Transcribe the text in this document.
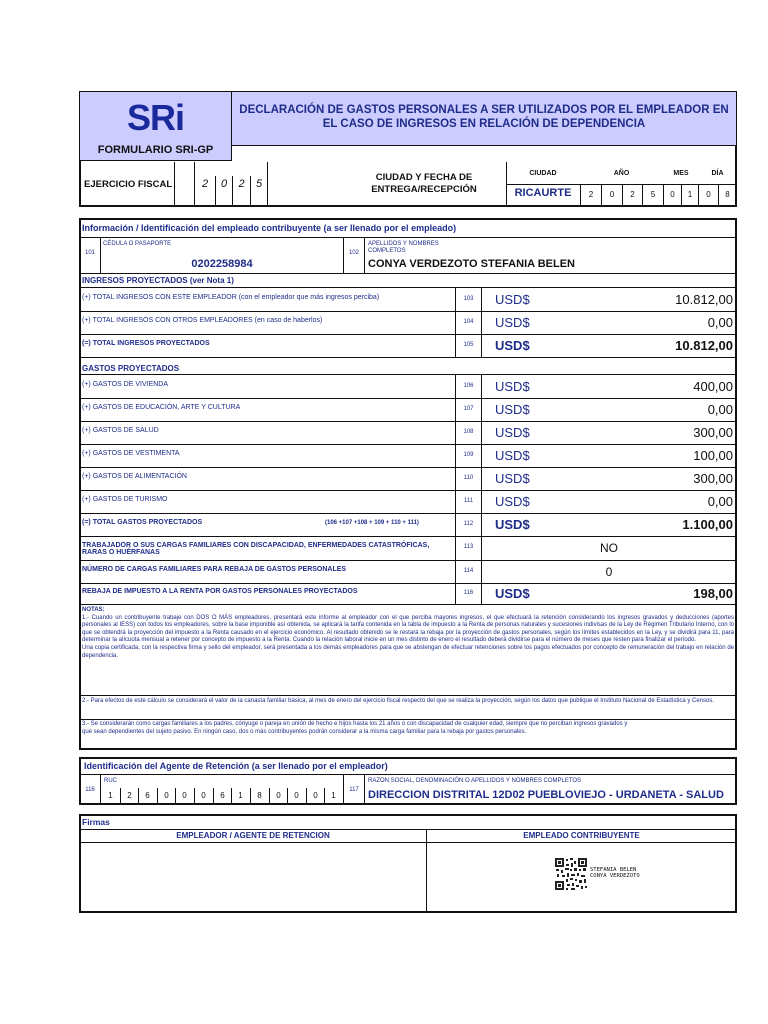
SRi
FORMULARIO SRI-GP
DECLARACIÓN DE GASTOS PERSONALES A SER UTILIZADOS POR EL EMPLEADOR EN EL CASO DE INGRESOS EN RELACIÓN DE DEPENDENCIA
EJERCICIO FISCAL	2	0	2	5
CIUDAD Y FECHA DE ENTREGA/RECEPCIÓN
CIUDAD	AÑO	MES	DÍA
RICAURTE	2	0	2	5	0	1	0	8
Información / Identificación del empleado contribuyente (a ser llenado por el empleado)
101
CÉDULA O PASAPORTE
0202258984
102
APELLIDOS Y NOMBRES COMPLETOS
CONYA VERDEZOTO STEFANIA BELEN
INGRESOS PROYECTADOS (ver Nota 1)
(+) TOTAL INGRESOS CON ESTE EMPLEADOR (con el empleador que más ingresos perciba)	103	USD$	10.812,00
(+) TOTAL INGRESOS CON OTROS EMPLEADORES (en caso de haberlos)	104	USD$	0,00
(=) TOTAL INGRESOS PROYECTADOS	105	USD$	10.812,00
GASTOS PROYECTADOS
(+) GASTOS DE VIVIENDA	106	USD$	400,00
(+) GASTOS DE EDUCACIÓN, ARTE Y CULTURA	107	USD$	0,00
(+) GASTOS DE SALUD	108	USD$	300,00
(+) GASTOS DE VESTIMENTA	109	USD$	100,00
(+) GASTOS DE ALIMENTACIÓN	110	USD$	300,00
(+) GASTOS DE TURISMO	111	USD$	0,00
(=) TOTAL GASTOS PROYECTADOS	112	USD$	1.100,00
(106 +107 +108 + 109 + 110 + 111)
TRABAJADOR O SUS CARGAS FAMILIARES CON DISCAPACIDAD, ENFERMEDADES CATASTRÓFICAS, RARAS O HUÉRFANAS
113	NO
NÚMERO DE CARGAS FAMILIARES PARA REBAJA DE GASTOS PERSONALES	114	0
REBAJA DE IMPUESTO A LA RENTA POR GASTOS PERSONALES PROYECTADOS	116	USD$	198,00
NOTAS:
1.- Cuando un contribuyente trabaje con DOS O MÁS empleadores, presentará este informe al empleador con el que perciba mayores ingresos, el que efectuará la retención considerando los ingresos gravados y deducciones (aportes personales al IESS) con todos los empleadores, sobre la base imponible así obtenida, se aplicará la tarifa contenida en la tabla de impuesto a la Renta de personas naturales y sucesiones indivisas de la Ley de Régimen Tributario Interno, con lo que se obtendrá la proyección del impuesto a la Renta causado en el ejercicio económico. Al resultado obtenido se le restará la rebaja por la proyección de gastos personales, según los límites establecidos en la Ley, y se dividirá para 11, para determinar la alícuota mensual a retener por concepto de impuesto a la Renta. Cuando la relación laboral inicie en un mes distinto de enero el resultado deberá dividirse para el número de meses que resten para finalizar el período.
Una copia certificada, con la respectiva firma y sello del empleador, será presentada a los demás empleadores para que se abstengan de efectuar retenciones sobre los pagos efectuados por concepto de remuneración del trabajo en relación de dependencia.
2.- Para efectos de este cálculo se considerará el valor de la canasta familiar básica, al mes de enero del ejercicio fiscal respecto del que se realiza la proyección, según los datos que publique el Instituto Nacional de Estadística y Censos.
3.- Se considerarán como cargas familiares a los padres, cónyuge o pareja en unión de hecho e hijos hasta los 21 años o con discapacidad de cualquier edad, siempre que no perciban ingresos gravados y
que sean dependientes del sujeto pasivo. En ningún caso, dos o más contribuyentes podrán considerar a la misma carga familiar para la rebaja por gastos personales.
Identificación del Agente de Retención (a ser llenado por el empleador)
116
RUC
1	2	6	0	0	0	6	1	8	0	0	0	1
117
RAZON SOCIAL, DENOMINACIÓN O APELLIDOS Y NOMBRES COMPLETOS
DIRECCION DISTRITAL 12D02 PUEBLOVIEJO - URDANETA - SALUD
Firmas
EMPLEADOR / AGENTE DE RETENCION	EMPLEADO CONTRIBUYENTE
STEFANIA BELEN
CONYA VERDEZOTO
